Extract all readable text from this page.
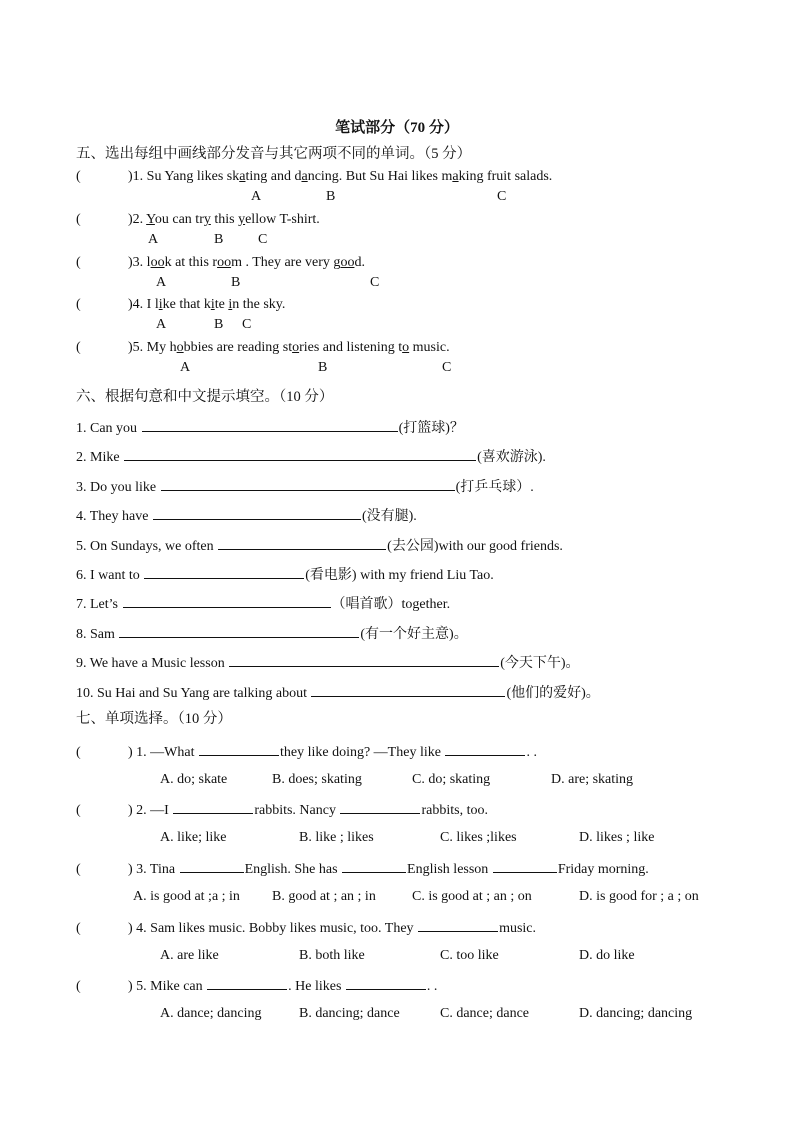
笔试部分（70 分）
五、选出每组中画线部分发音与其它两项不同的单词。（5 分）
(	)1. Su Yang likes skating and dancing. But Su Hai likes making fruit salads.
A	B	C
(	)2. You can try this yellow T-shirt.
A	B C
(	)3. look at this room . They are very good.
A	B	C
(	)4. I like that kite in the sky.
A	B C
(	)5. My hobbies are reading stories and listening to music.
A	B	C
六、根据句意和中文提示填空。（10 分）
1. Can you	(打篮球)？
2. Mike	(喜欢游泳).
3. Do you like	(打乒乓球）.
4. They have	(没有腿).
5. On Sundays, we often	(去公园)with our good friends.
6. I want to	(看电影) with my friend Liu Tao.
7. Let’s	（唱首歌）together.
8. Sam	(有一个好主意)。
9. We have a Music lesson	(今天下午)。
10. Su Hai and Su Yang are talking about	(他们的爱好)。
七、单项选择。（10 分）
(	) 1. —What	they like doing? —They like	. .
A. do; skate	B. does; skating	C. do; skating	D. are; skating
(	) 2. —I	rabbits. Nancy	rabbits, too.
A. like; like	B. like ; likes	C. likes ;likes	D. likes ; like
(	) 3. Tina	English. She has	English lesson	Friday morning.
A. is good at ;a ; in B. good at ; an ; in	C. is good at ; an ; on	D. is good for ; a ; on
(	) 4. Sam likes music. Bobby likes music, too. They	music.
A. are like	B. both like	C. too like	D. do like
(	) 5. Mike can	. He likes	. .
A. dance; dancing	B. dancing; dance	C. dance; dance	D. dancing; dancing
